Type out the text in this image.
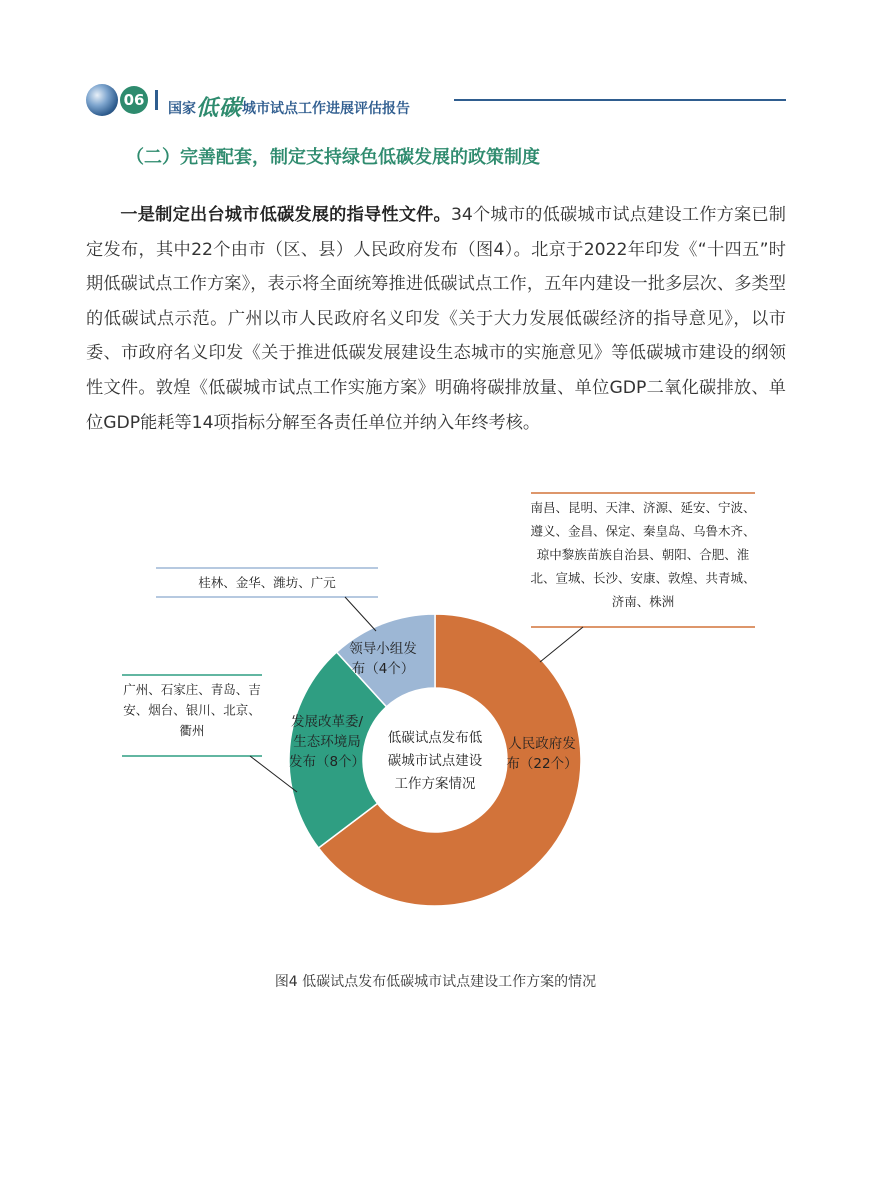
06 国家低碳城市试点工作进展评估报告
（二）完善配套，制定支持绿色低碳发展的政策制度
一是制定出台城市低碳发展的指导性文件。34个城市的低碳城市试点建设工作方案已制定发布，其中22个由市（区、县）人民政府发布（图4）。北京于2022年印发《“十四五”时期低碳试点工作方案》，表示将全面统筹推进低碳试点工作，五年内建设一批多层次、多类型的低碳试点示范。广州以市人民政府名义印发《关于大力发展低碳经济的指导意见》，以市委、市政府名义印发《关于推进低碳发展建设生态城市的实施意见》等低碳城市建设的纲领性文件。敦煌《低碳城市试点工作实施方案》明确将碳排放量、单位GDP二氧化碳排放、单位GDP能耗等14项指标分解至各责任单位并纳入年终考核。
人民政府发
布（22个）
南昌、昆明、天津、济源、延安、宁波、
遵义、金昌、保定、秦皇岛、乌鲁木齐、
琼中黎族苗族自治县、朝阳、合肥、淮
北、宣城、长沙、安康、敦煌、共青城、
济南、株洲
发展改革委/
生态环境局
发布（8个）
广州、石家庄、青岛、吉
安、烟台、银川、北京、
衢州
领导小组发
布（4个）
桂林、金华、潍坊、广元
低碳试点发布低
碳城市试点建设
工作方案情况
图4 低碳试点发布低碳城市试点建设工作方案的情况
